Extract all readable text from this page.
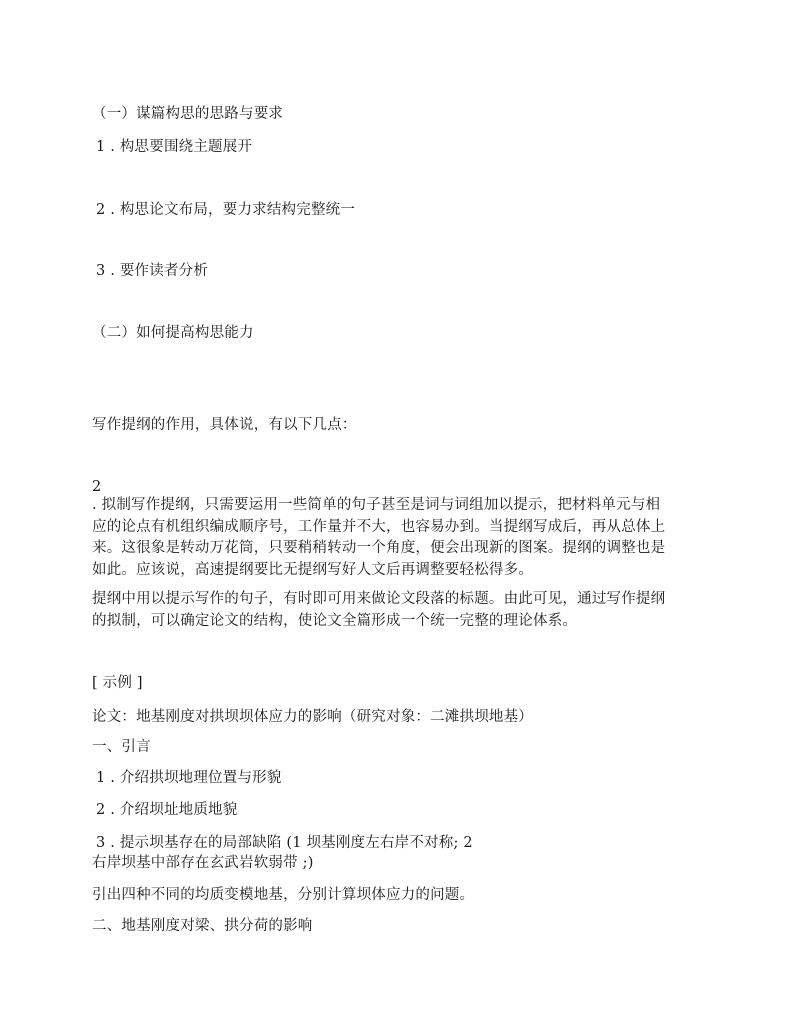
（一）谋篇构思的思路与要求
1 . 构思要围绕主题展开
2 . 构思论文布局，要力求结构完整统一
3 . 要作读者分析
（二）如何提高构思能力
写作提纲的作用，具体说，有以下几点：
2
. 拟制写作提纲，只需要运用一些简单的句子甚至是词与词组加以提示，把材料单元与相
应的论点有机组织编成顺序号，工作量并不大，也容易办到。当提纲写成后，再从总体上
来。这很象是转动万花筒，只要稍稍转动一个角度，便会出现新的图案。提纲的调整也是
如此。应该说，高速提纲要比无提纲写好人文后再调整要轻松得多。
提纲中用以提示写作的句子，有时即可用来做论文段落的标题。由此可见，通过写作提纲
的拟制，可以确定论文的结构，使论文全篇形成一个统一完整的理论体系。
[ 示例 ]
论文：地基刚度对拱坝坝体应力的影响（研究对象：二滩拱坝地基）
一、引言
1 . 介绍拱坝地理位置与形貌
2 . 介绍坝址地质地貌
3 . 提示坝基存在的局部缺陷 (1 坝基刚度左右岸不对称; 2
右岸坝基中部存在玄武岩软弱带 ;)
引出四种不同的均质变模地基，分别计算坝体应力的问题。
二、地基刚度对梁、拱分荷的影响
